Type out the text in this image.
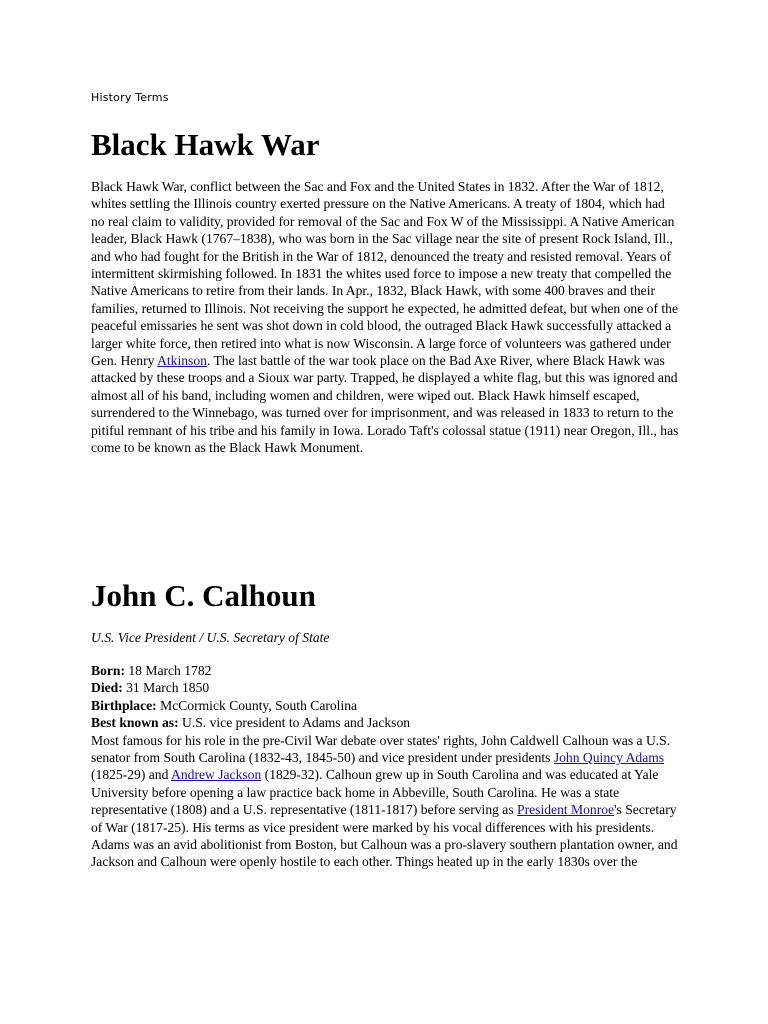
History Terms
Black Hawk War
Black Hawk War, conflict between the Sac and Fox and the United States in 1832. After the War of 1812, whites settling the Illinois country exerted pressure on the Native Americans. A treaty of 1804, which had no real claim to validity, provided for removal of the Sac and Fox W of the Mississippi. A Native American leader, Black Hawk (1767–1838), who was born in the Sac village near the site of present Rock Island, Ill., and who had fought for the British in the War of 1812, denounced the treaty and resisted removal. Years of intermittent skirmishing followed. In 1831 the whites used force to impose a new treaty that compelled the Native Americans to retire from their lands. In Apr., 1832, Black Hawk, with some 400 braves and their families, returned to Illinois. Not receiving the support he expected, he admitted defeat, but when one of the peaceful emissaries he sent was shot down in cold blood, the outraged Black Hawk successfully attacked a larger white force, then retired into what is now Wisconsin. A large force of volunteers was gathered under Gen. Henry Atkinson. The last battle of the war took place on the Bad Axe River, where Black Hawk was attacked by these troops and a Sioux war party. Trapped, he displayed a white flag, but this was ignored and almost all of his band, including women and children, were wiped out. Black Hawk himself escaped, surrendered to the Winnebago, was turned over for imprisonment, and was released in 1833 to return to the pitiful remnant of his tribe and his family in Iowa. Lorado Taft's colossal statue (1911) near Oregon, Ill., has come to be known as the Black Hawk Monument.
John C. Calhoun
U.S. Vice President / U.S. Secretary of State
Born: 18 March 1782
Died: 31 March 1850
Birthplace: McCormick County, South Carolina
Best known as: U.S. vice president to Adams and Jackson
Most famous for his role in the pre-Civil War debate over states' rights, John Caldwell Calhoun was a U.S. senator from South Carolina (1832-43, 1845-50) and vice president under presidents John Quincy Adams (1825-29) and Andrew Jackson (1829-32). Calhoun grew up in South Carolina and was educated at Yale University before opening a law practice back home in Abbeville, South Carolina. He was a state representative (1808) and a U.S. representative (1811-1817) before serving as President Monroe's Secretary of War (1817-25). His terms as vice president were marked by his vocal differences with his presidents. Adams was an avid abolitionist from Boston, but Calhoun was a pro-slavery southern plantation owner, and Jackson and Calhoun were openly hostile to each other. Things heated up in the early 1830s over the
